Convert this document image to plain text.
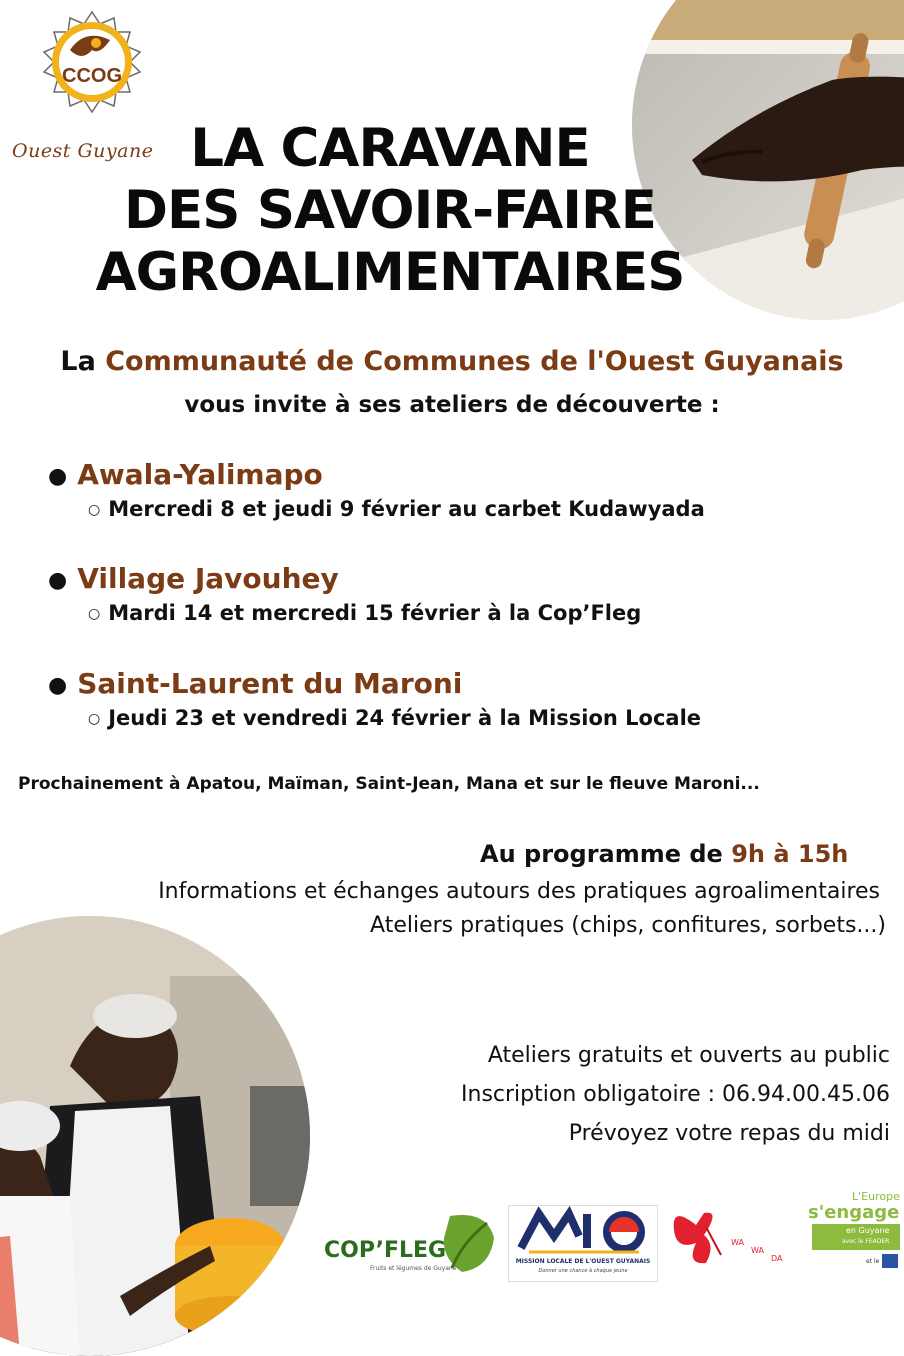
CCOG
Ouest Guyane LA CARAVANE
DES SAVOIR-FAIRE
AGROALIMENTAIRES
La Communauté de Communes de l'Ouest Guyanais
vous invite à ses ateliers de découverte :
● Awala-Yalimapo
○ Mercredi 8 et jeudi 9 février au carbet Kudawyada
● Village Javouhey
○ Mardi 14 et mercredi 15 février à la Cop’Fleg
● Saint-Laurent du Maroni
○ Jeudi 23 et vendredi 24 février à la Mission Locale
Prochainement à Apatou, Maïman, Saint-Jean, Mana et sur le fleuve Maroni...
Au programme de 9h à 15h
Informations et échanges autours des pratiques agroalimentaires
Ateliers pratiques (chips, confitures, sorbets...)
Ateliers gratuits et ouverts au public
Inscription obligatoire : 06.94.00.45.06
Prévoyez votre repas du midi
COP’FLEG
Fruits et légumes de Guyane
MISSION LOCALE DE L'OUEST GUYANAIS
Donner une chance à chaque jeune
WA
WA
DA
L'Europe
s'engage
en Guyane
avec le FEADER
et le
